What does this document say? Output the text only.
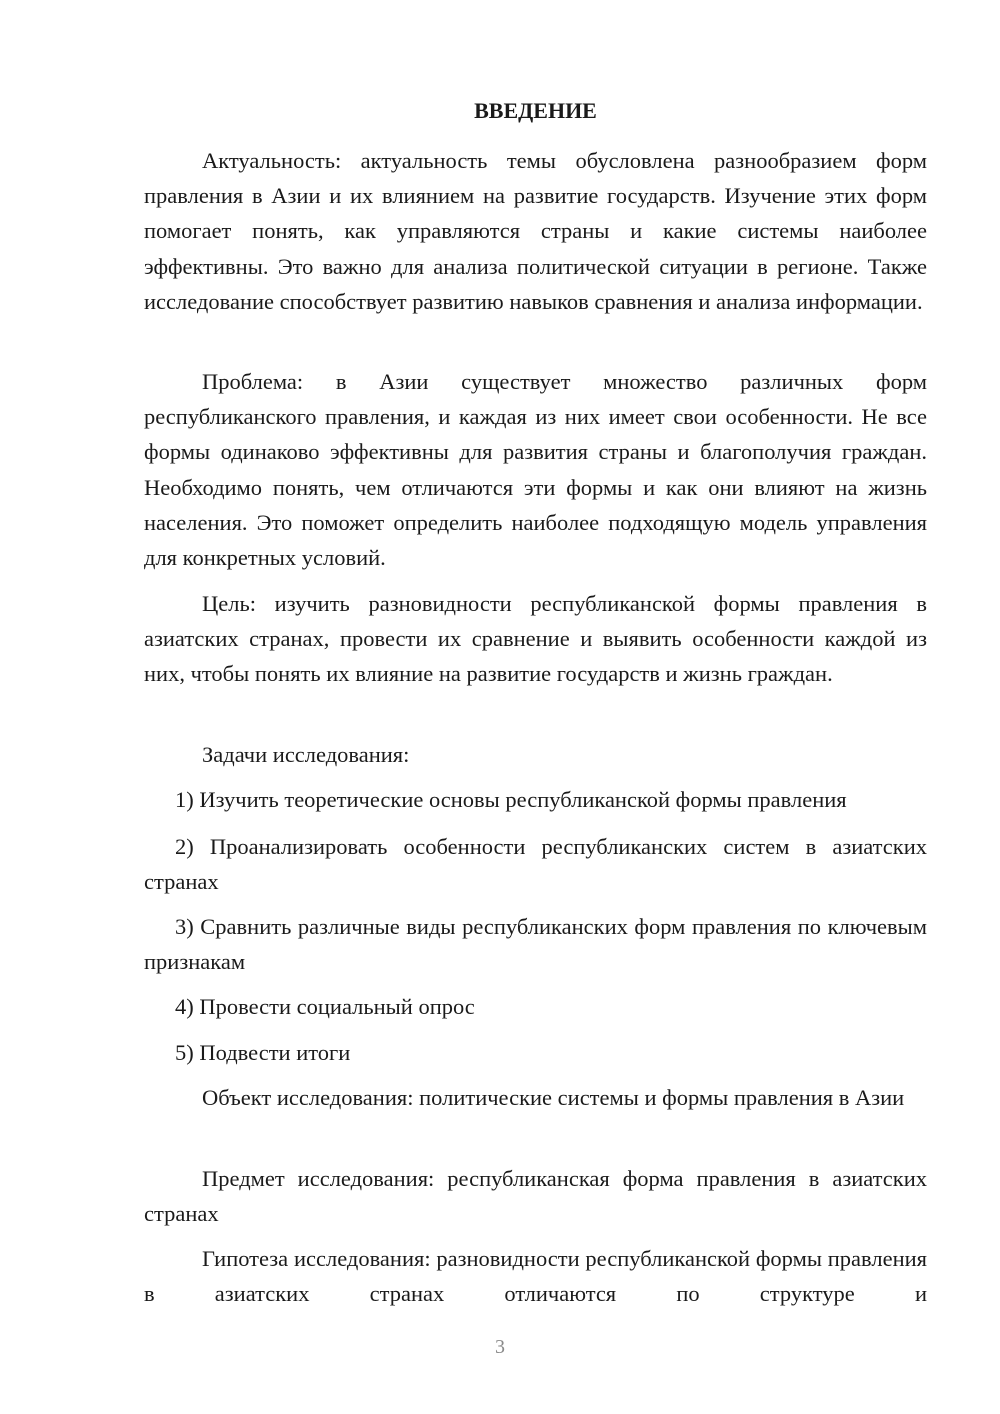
ВВЕДЕНИЕ

Актуальность: актуальность темы обусловлена разнообразием форм правления в Азии и их влиянием на развитие государств. Изучение этих форм помогает понять, как управляются страны и какие системы наиболее эффективны. Это важно для анализа политической ситуации в регионе. Также исследование способствует развитию навыков сравнения и анализа информации.

Проблема: в Азии существует множество различных форм республиканского правления, и каждая из них имеет свои особенности. Не все формы одинаково эффективны для развития страны и благополучия граждан. Необходимо понять, чем отличаются эти формы и как они влияют на жизнь населения. Это поможет определить наиболее подходящую модель управления для конкретных условий.

Цель: изучить разновидности республиканской формы правления в азиатских странах, провести их сравнение и выявить особенности каждой из них, чтобы понять их влияние на развитие государств и жизнь граждан.

Задачи исследования:

1) Изучить теоретические основы республиканской формы правления

2) Проанализировать особенности республиканских систем в азиатских странах

3) Сравнить различные виды республиканских форм правления по ключевым признакам

4) Провести социальный опрос

5) Подвести итоги

Объект исследования: политические системы и формы правления в Азии

Предмет исследования: республиканская форма правления в азиатских странах

Гипотеза исследования: разновидности республиканской формы правления в азиатских странах отличаются по структуре и

3
